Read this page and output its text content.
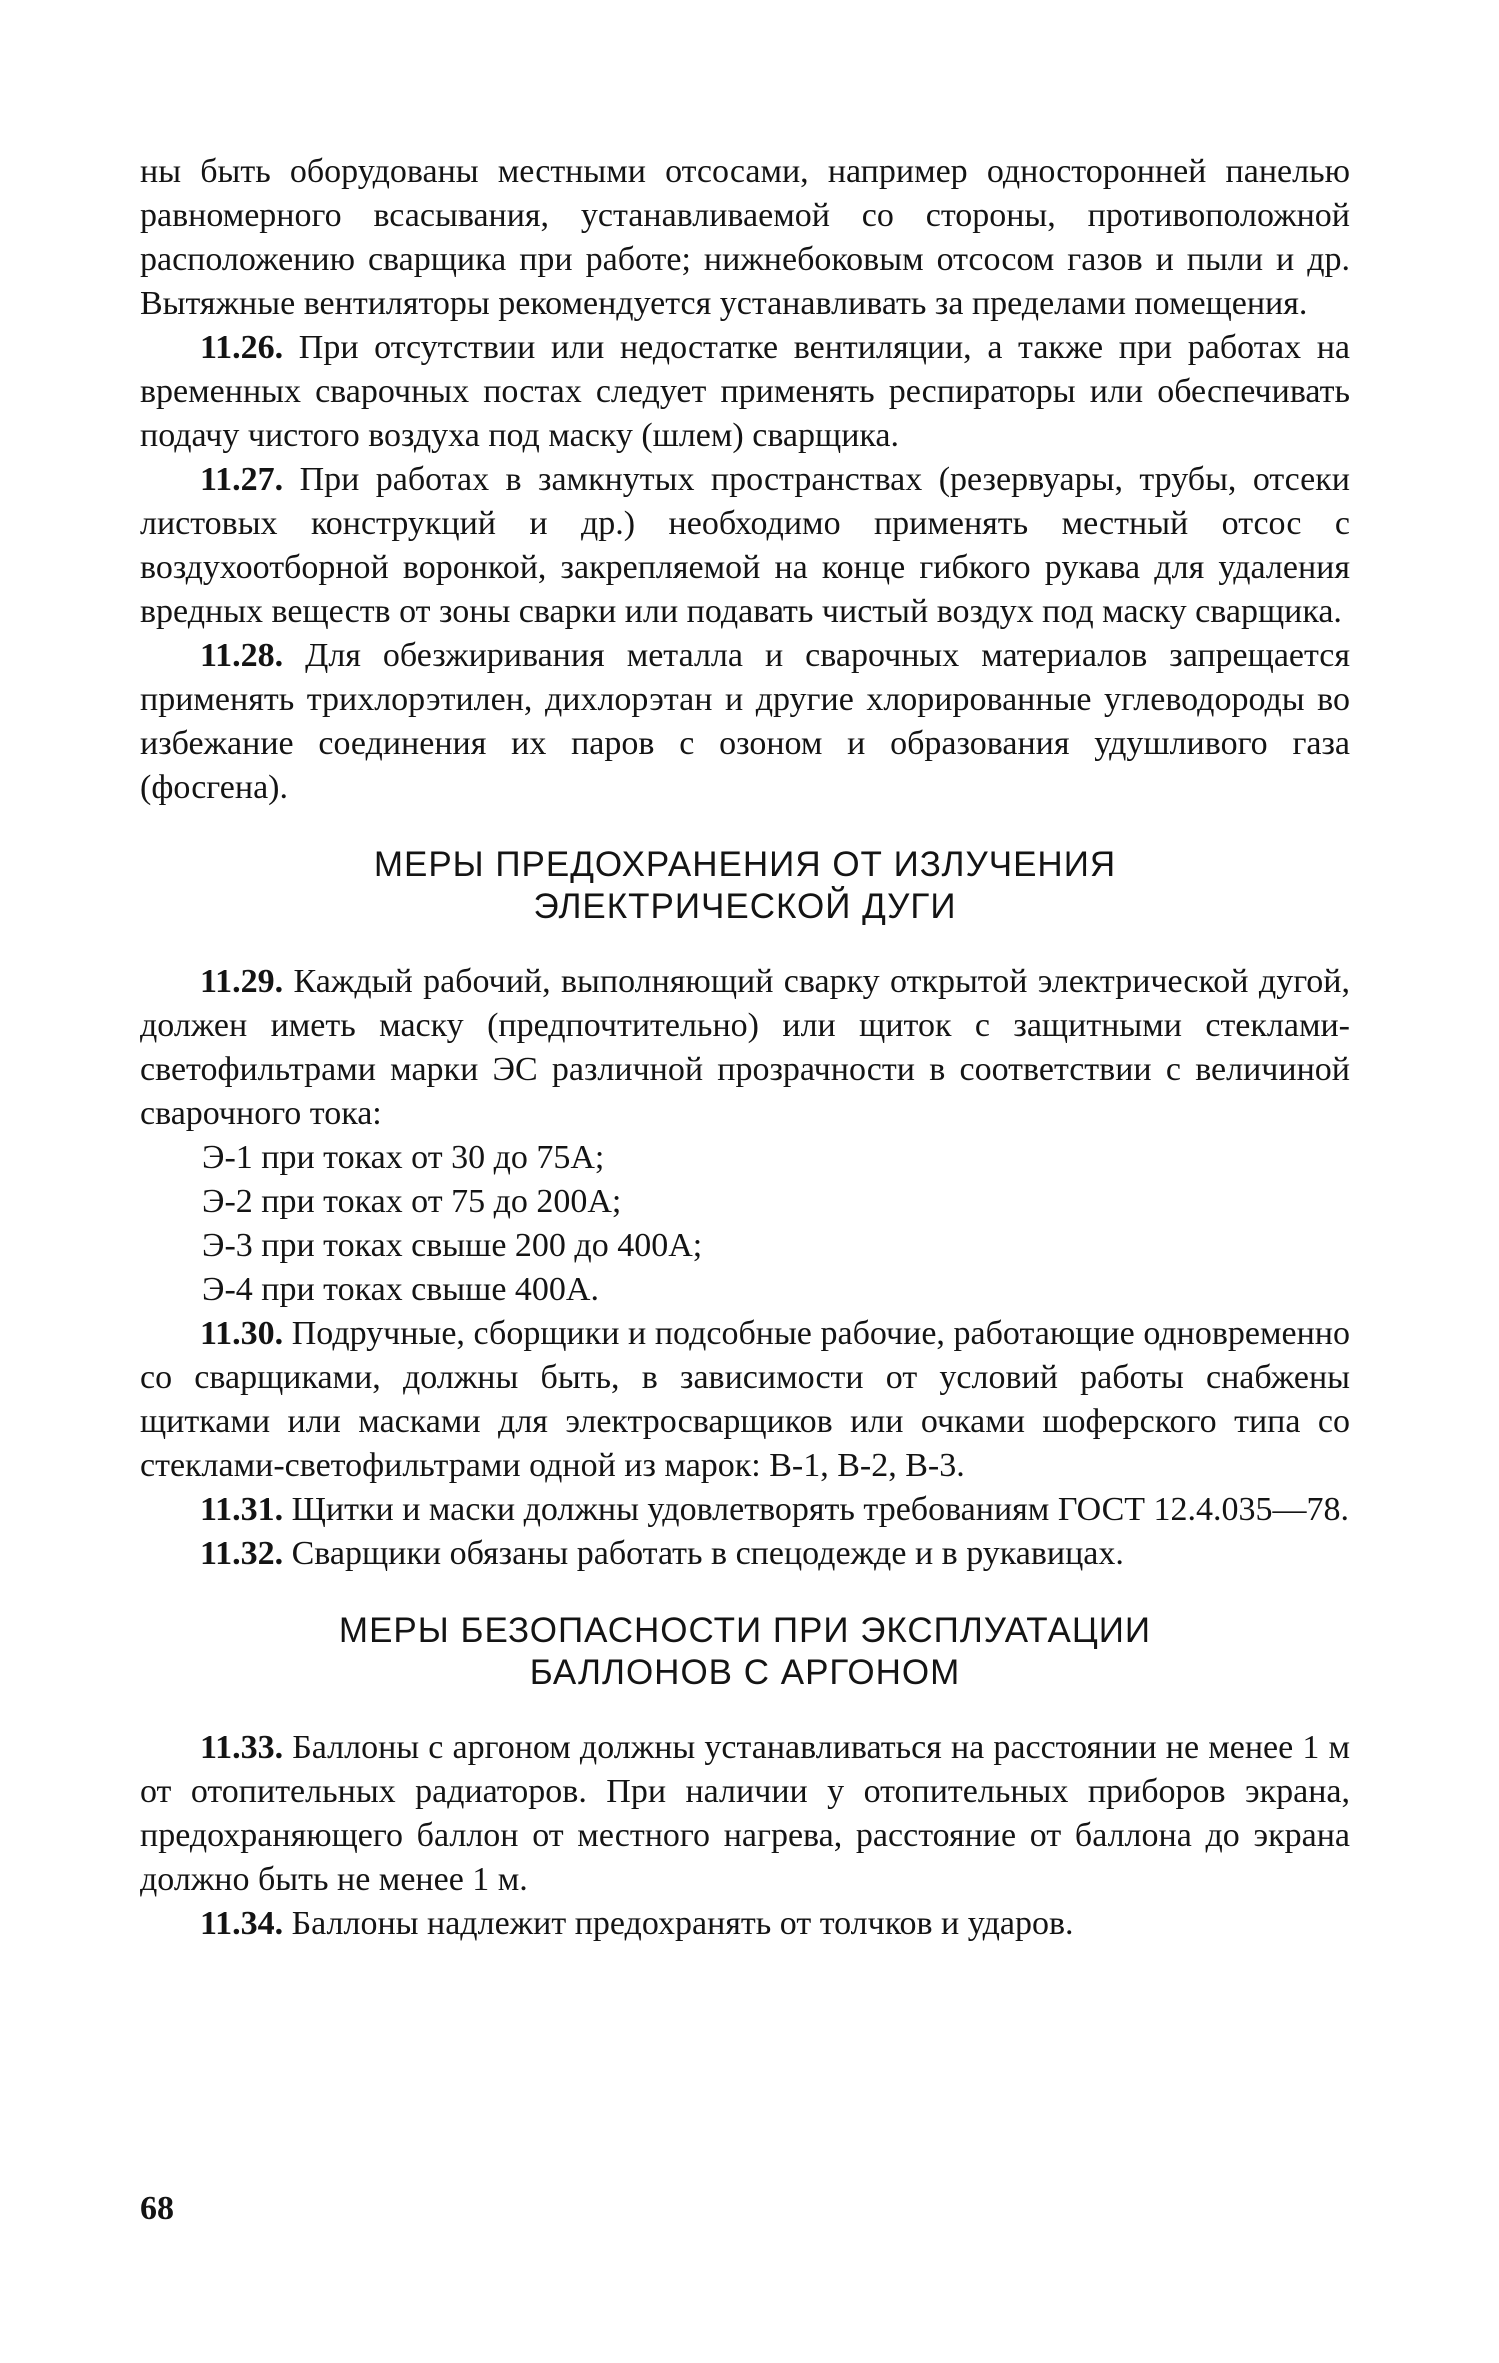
ны быть оборудованы местными отсосами, например односторонней панелью равномерного всасывания, устанавливаемой со стороны, противоположной расположению сварщика при работе; нижнебоковым отсосом газов и пыли и др. Вытяжные вентиляторы рекомендуется устанавливать за пределами помещения.

11.26. При отсутствии или недостатке вентиляции, а также при работах на временных сварочных постах следует применять респираторы или обеспечивать подачу чистого воздуха под маску (шлем) сварщика.

11.27. При работах в замкнутых пространствах (резервуары, трубы, отсеки листовых конструкций и др.) необходимо применять местный отсос с воздухоотборной воронкой, закрепляемой на конце гибкого рукава для удаления вредных веществ от зоны сварки или подавать чистый воздух под маску сварщика.

11.28. Для обезжиривания металла и сварочных материалов запрещается применять трихлорэтилен, дихлорэтан и другие хлорированные углеводороды во избежание соединения их паров с озоном и образования удушливого газа (фосгена).

МЕРЫ ПРЕДОХРАНЕНИЯ ОТ ИЗЛУЧЕНИЯ
ЭЛЕКТРИЧЕСКОЙ ДУГИ

11.29. Каждый рабочий, выполняющий сварку открытой электрической дугой, должен иметь маску (предпочтительно) или щиток с защитными стеклами-светофильтрами марки ЭС различной прозрачности в соответствии с величиной сварочного тока:

Э-1 при токах от 30 до 75А;

Э-2 при токах от 75 до 200А;

Э-3 при токах свыше 200 до 400А;

Э-4 при токах свыше 400А.

11.30. Подручные, сборщики и подсобные рабочие, работающие одновременно со сварщиками, должны быть, в зависимости от условий работы снабжены щитками или масками для электросварщиков или очками шоферского типа со стеклами-светофильтрами одной из марок: В-1, В-2, В-3.

11.31. Щитки и маски должны удовлетворять требованиям ГОСТ 12.4.035—78.

11.32. Сварщики обязаны работать в спецодежде и в рукавицах.

МЕРЫ БЕЗОПАСНОСТИ ПРИ ЭКСПЛУАТАЦИИ
БАЛЛОНОВ С АРГОНОМ

11.33. Баллоны с аргоном должны устанавливаться на расстоянии не менее 1 м от отопительных радиаторов. При наличии у отопительных приборов экрана, предохраняющего баллон от местного нагрева, расстояние от баллона до экрана должно быть не менее 1 м.

11.34. Баллоны надлежит предохранять от толчков и ударов.

68
